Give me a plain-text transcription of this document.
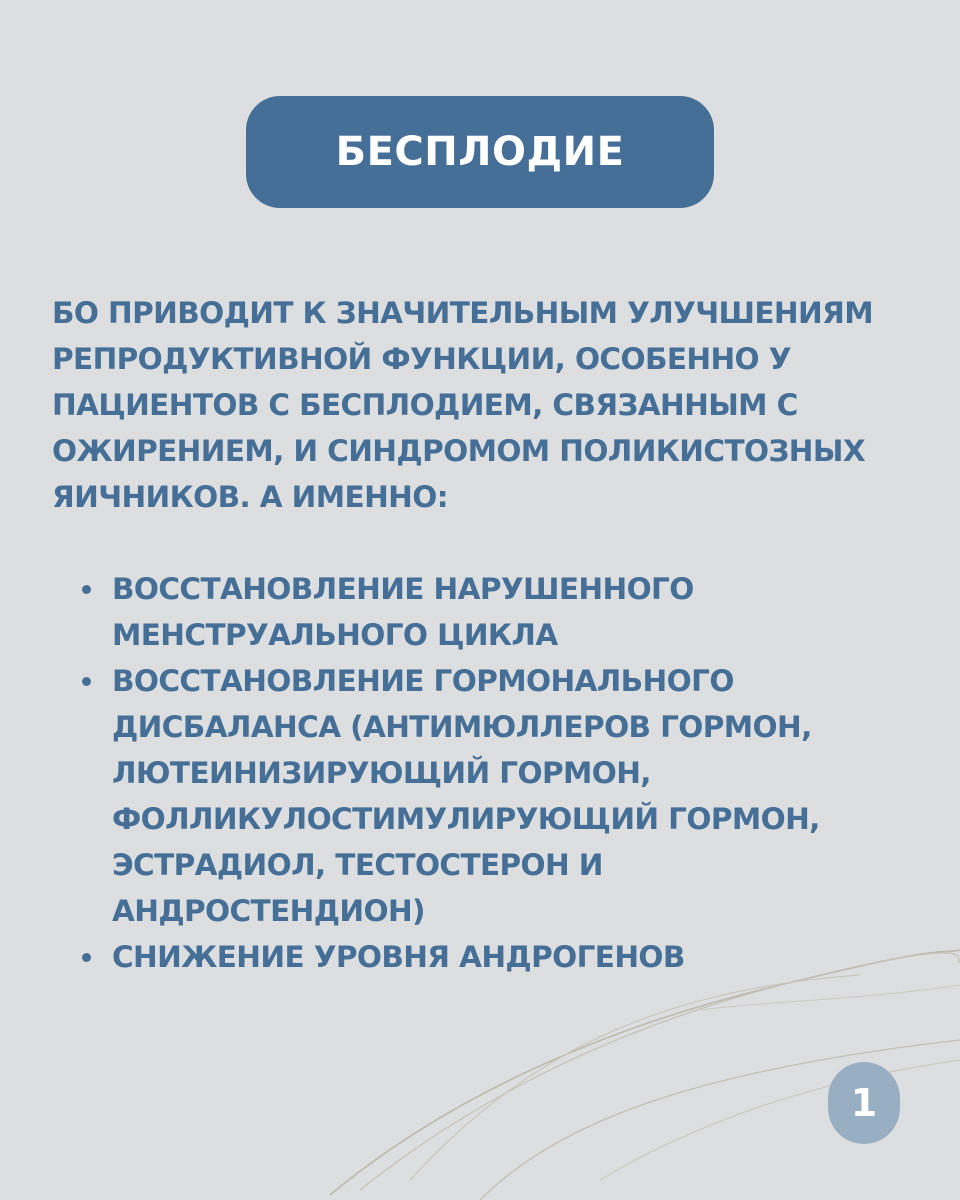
БЕСПЛОДИЕ

БО ПРИВОДИТ К ЗНАЧИТЕЛЬНЫМ УЛУЧШЕНИЯМ РЕПРОДУКТИВНОЙ ФУНКЦИИ, ОСОБЕННО У ПАЦИЕНТОВ С БЕСПЛОДИЕМ, СВЯЗАННЫМ С ОЖИРЕНИЕМ, И СИНДРОМОМ ПОЛИКИСТОЗНЫХ ЯИЧНИКОВ. А ИМЕННО:

ВОССТАНОВЛЕНИЕ НАРУШЕННОГО МЕНСТРУАЛЬНОГО ЦИКЛА
ВОССТАНОВЛЕНИЕ ГОРМОНАЛЬНОГО ДИСБАЛАНСА (АНТИМЮЛЛЕРОВ ГОРМОН, ЛЮТЕИНИЗИРУЮЩИЙ ГОРМОН, ФОЛЛИКУЛОСТИМУЛИРУЮЩИЙ ГОРМОН, ЭСТРАДИОЛ, ТЕСТОСТЕРОН И АНДРОСТЕНДИОН)
СНИЖЕНИЕ УРОВНЯ АНДРОГЕНОВ
1
